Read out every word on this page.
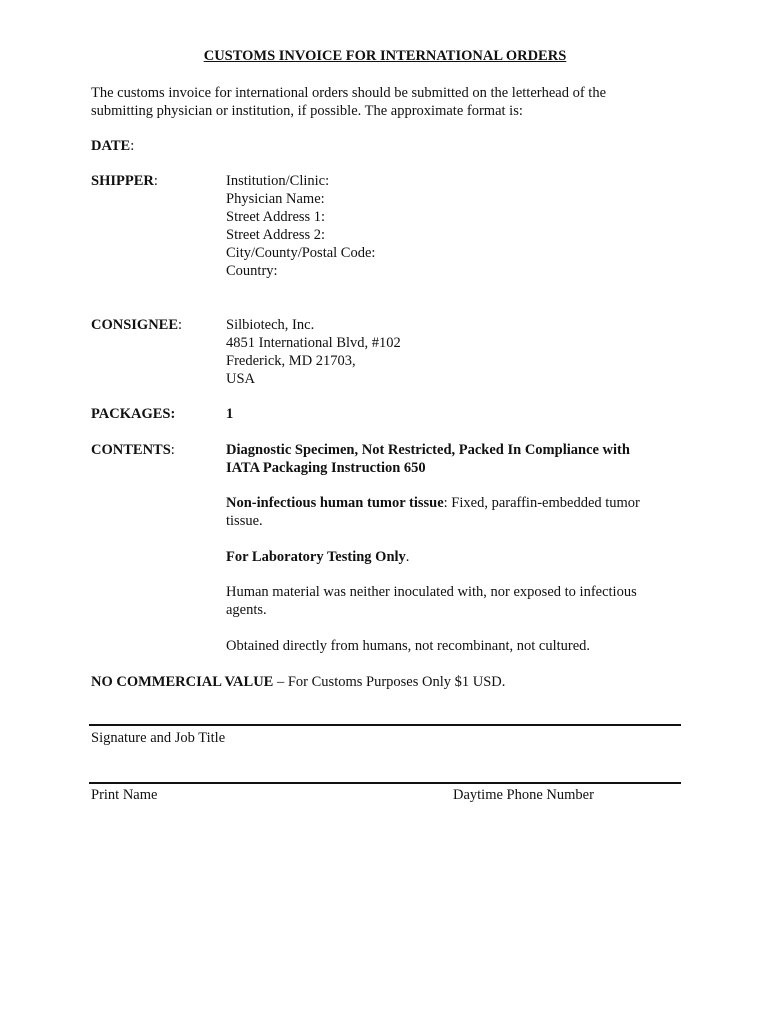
CUSTOMS INVOICE FOR INTERNATIONAL ORDERS
The customs invoice for international orders should be submitted on the letterhead of the
submitting physician or institution, if possible. The approximate format is:
DATE:
SHIPPER:	Institution/Clinic:
Physician Name:
Street Address 1:
Street Address 2:
City/County/Postal Code:
Country:
CONSIGNEE:	Silbiotech, Inc.
4851 International Blvd, #102
Frederick, MD 21703,
USA
PACKAGES:	1
CONTENTS:	Diagnostic Specimen, Not Restricted, Packed In Compliance with
IATA Packaging Instruction 650
Non-infectious human tumor tissue: Fixed, paraffin-embedded tumor
tissue.
For Laboratory Testing Only.
Human material was neither inoculated with, nor exposed to infectious
agents.
Obtained directly from humans, not recombinant, not cultured.
NO COMMERCIAL VALUE – For Customs Purposes Only $1 USD.
Signature and Job Title
Print Name	Daytime Phone Number
